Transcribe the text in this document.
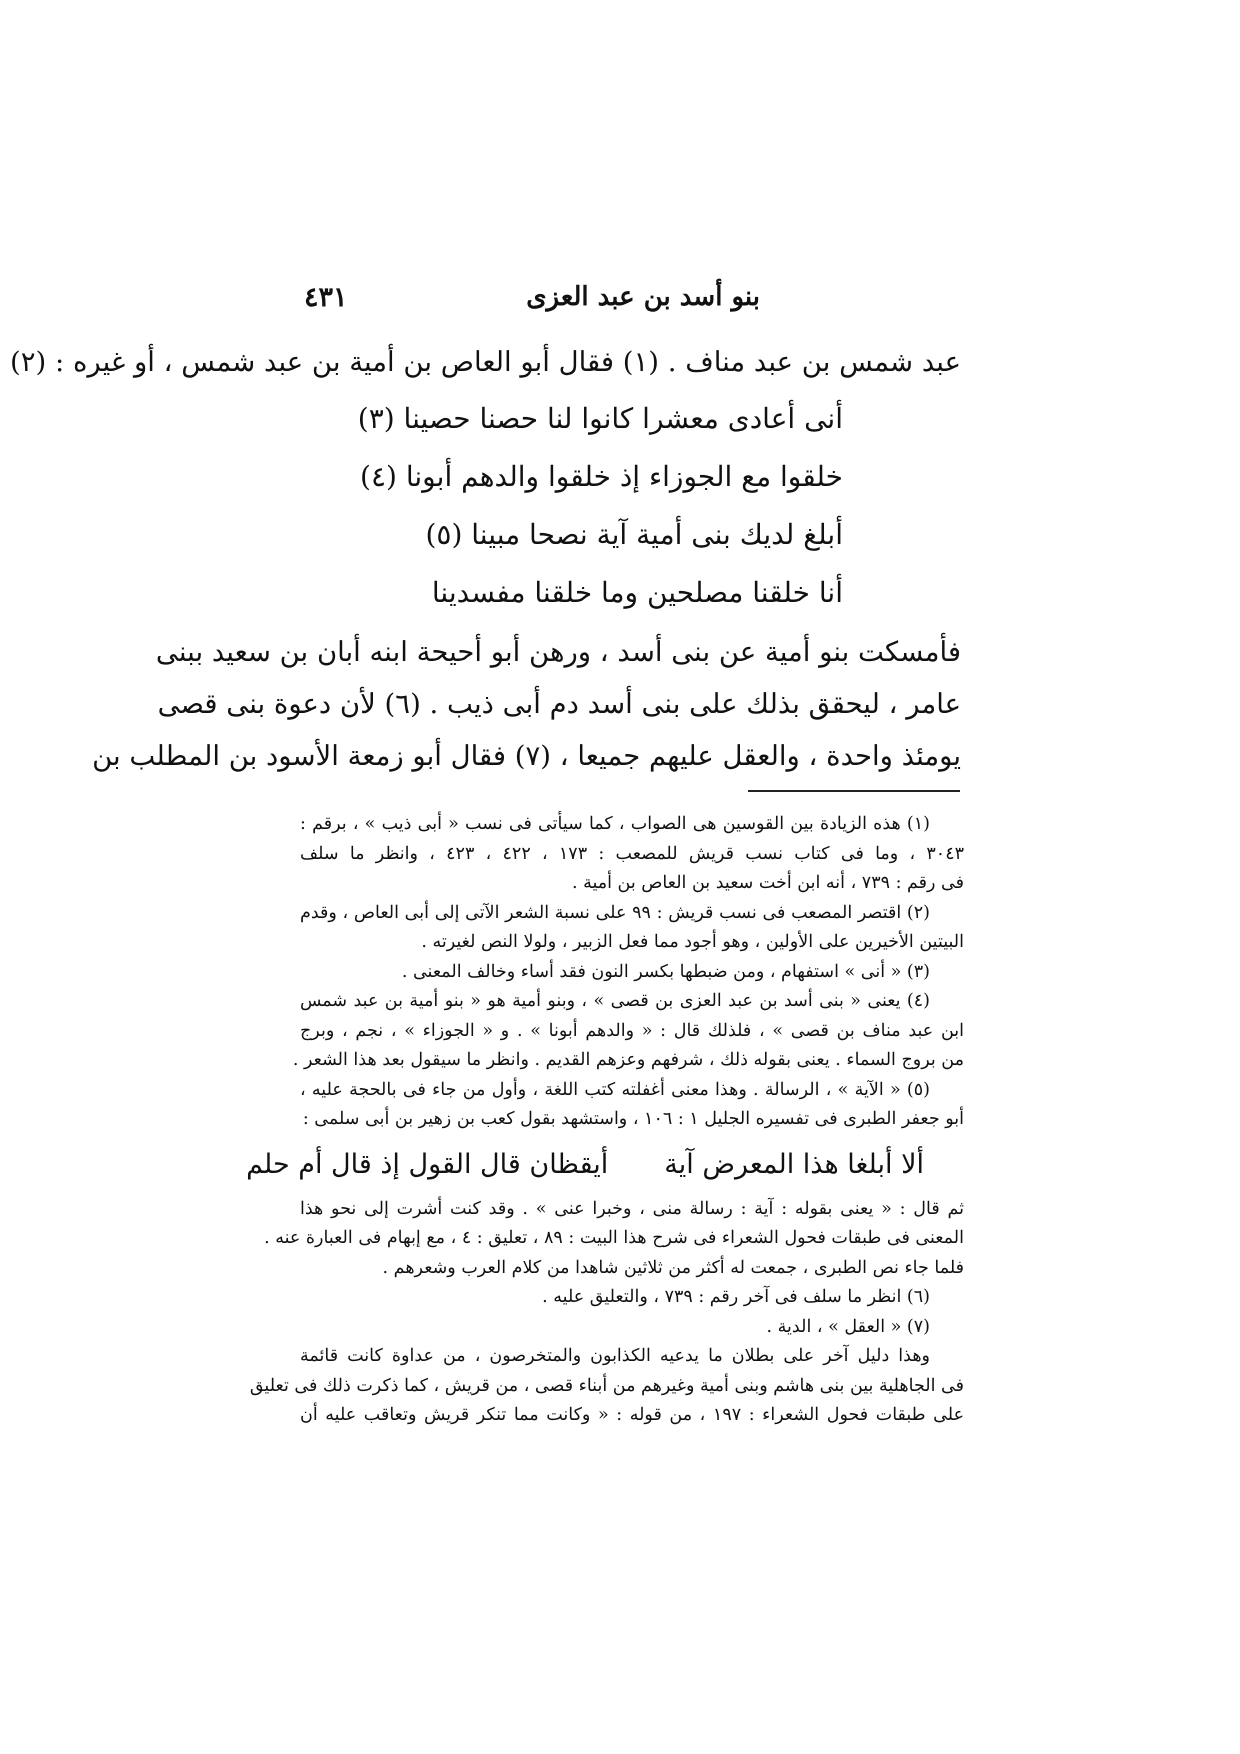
بنو أسد بن عبد العزى
٤٣١

عبد شمس بن عبد مناف . (١) فقال أبو العاص بن أمية بن عبد شمس ، أو غيره : (٢)

أنى أعادى معشرا كانوا لنا حصنا حصينا (٣)
خلقوا مع الجوزاء إذ خلقوا والدهم أبونا (٤)
أبلغ لديك بنى أمية آية نصحا مبينا (٥)
أنا خلقنا مصلحين وما خلقنا مفسدينا

فأمسكت بنو أمية عن بنى أسد ، ورهن أبو أحيحة ابنه أبان بن سعيد ببنى

عامر ، ليحقق بذلك على بنى أسد دم أبى ذيب . (٦) لأن دعوة بنى قصى

يومئذ واحدة ، والعقل عليهم جميعا ، (٧) فقال أبو زمعة الأسود بن المطلب بن

(١) هذه الزيادة بين القوسين هى الصواب ، كما سيأتى فى نسب « أبى ذيب » ، برقم :

٣٠٤٣ ، وما فى كتاب نسب قريش للمصعب : ١٧٣ ، ٤٢٢ ، ٤٢٣ ، وانظر ما سلف

فى رقم : ٧٣٩ ، أنه ابن أخت سعيد بن العاص بن أمية .

(٢) اقتصر المصعب فى نسب قريش : ٩٩ على نسبة الشعر الآتى إلى أبى العاص ، وقدم

البيتين الأخيرين على الأولين ، وهو أجود مما فعل الزبير ، ولولا النص لغيرته .

(٣) « أنى » استفهام ، ومن ضبطها بكسر النون فقد أساء وخالف المعنى .

(٤) يعنى « بنى أسد بن عبد العزى بن قصى » ، وبنو أمية هو « بنو أمية بن عبد شمس

ابن عبد مناف بن قصى » ، فلذلك قال : « والدهم أبونا » . و « الجوزاء » ، نجم ، وبرج

من بروج السماء . يعنى بقوله ذلك ، شرفهم وعزهم القديم . وانظر ما سيقول بعد هذا الشعر .

(٥) « الآية » ، الرسالة . وهذا معنى أغفلته كتب اللغة ، وأول من جاء فى بالحجة عليه ،

أبو جعفر الطبرى فى تفسيره الجليل ١ : ١٠٦ ، واستشهد بقول كعب بن زهير بن أبى سلمى :

ألا أبلغا هذا المعرض آية
أيقظان قال القول إذ قال أم حلم

ثم قال : « يعنى بقوله : آية : رسالة منى ، وخبرا عنى » . وقد كنت أشرت إلى نحو هذا

المعنى فى طبقات فحول الشعراء فى شرح هذا البيت : ٨٩ ، تعليق : ٤ ، مع إبهام فى العبارة عنه .

فلما جاء نص الطبرى ، جمعت له أكثر من ثلاثين شاهدا من كلام العرب وشعرهم .

(٦) انظر ما سلف فى آخر رقم : ٧٣٩ ، والتعليق عليه .

(٧) « العقل » ، الدية .

وهذا دليل آخر على بطلان ما يدعيه الكذابون والمتخرصون ، من عداوة كانت قائمة

فى الجاهلية بين بنى هاشم وبنى أمية وغيرهم من أبناء قصى ، من قريش ، كما ذكرت ذلك فى تعليق

على طبقات فحول الشعراء : ١٩٧ ، من قوله : « وكانت مما تنكر قريش وتعاقب عليه أن
